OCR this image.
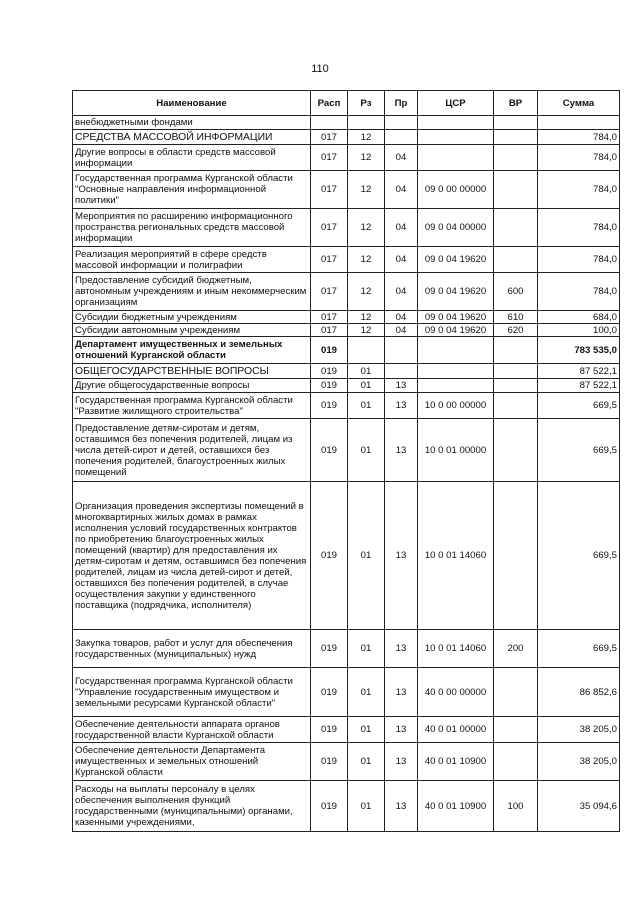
110
Наименование	Расп	Рз	Пр	ЦСР	ВР	Сумма
внебюджетными фондами						
СРЕДСТВА МАССОВОЙ ИНФОРМАЦИИ	017	12				784,0
Другие вопросы в области средств массовой информации	017	12	04			784,0
Государственная программа Курганской области "Основные направления информационной политики"	017	12	04	09 0 00 00000		784,0
Мероприятия по расширению информационного пространства региональных средств массовой информации	017	12	04	09 0 04 00000		784,0
Реализация мероприятий в сфере средств массовой информации и полиграфии	017	12	04	09 0 04 19620		784,0
Предоставление субсидий бюджетным, автономным учреждениям и иным некоммерческим организациям	017	12	04	09 0 04 19620	600	784,0
Субсидии бюджетным учреждениям	017	12	04	09 0 04 19620	610	684,0
Субсидии автономным учреждениям	017	12	04	09 0 04 19620	620	100,0
Департамент имущественных и земельных отношений Курганской области	019					783 535,0
ОБЩЕГОСУДАРСТВЕННЫЕ ВОПРОСЫ	019	01				87 522,1
Другие общегосударственные вопросы	019	01	13			87 522,1
Государственная программа Курганской области "Развитие жилищного строительства"	019	01	13	10 0 00 00000		669,5
Предоставление детям-сиротам и детям, оставшимся без попечения родителей, лицам из числа детей-сирот и детей, оставшихся без попечения родителей, благоустроенных жилых помещений	019	01	13	10 0 01 00000		669,5
Организация проведения экспертизы помещений в многоквартирных жилых домах в рамках исполнения условий государственных контрактов по приобретению благоустроенных жилых помещений (квартир) для предоставления их детям-сиротам и детям, оставшимся без попечения родителей, лицам из числа детей-сирот и детей, оставшихся без попечения родителей, в случае осуществления закупки у единственного поставщика (подрядчика, исполнителя)	019	01	13	10 0 01 14060		669,5
Закупка товаров, работ и услуг для обеспечения государственных (муниципальных) нужд	019	01	13	10 0 01 14060	200	669,5
Государственная программа Курганской области "Управление государственным имуществом и земельными ресурсами Курганской области"	019	01	13	40 0 00 00000		86 852,6
Обеспечение деятельности аппарата органов государственной власти Курганской области	019	01	13	40 0 01 00000		38 205,0
Обеспечение деятельности Департамента имущественных и земельных отношений Курганской области	019	01	13	40 0 01 10900		38 205,0
Расходы на выплаты персоналу в целях обеспечения выполнения функций государственными (муниципальными) органами, казенными учреждениями,	019	01	13	40 0 01 10900	100	35 094,6
